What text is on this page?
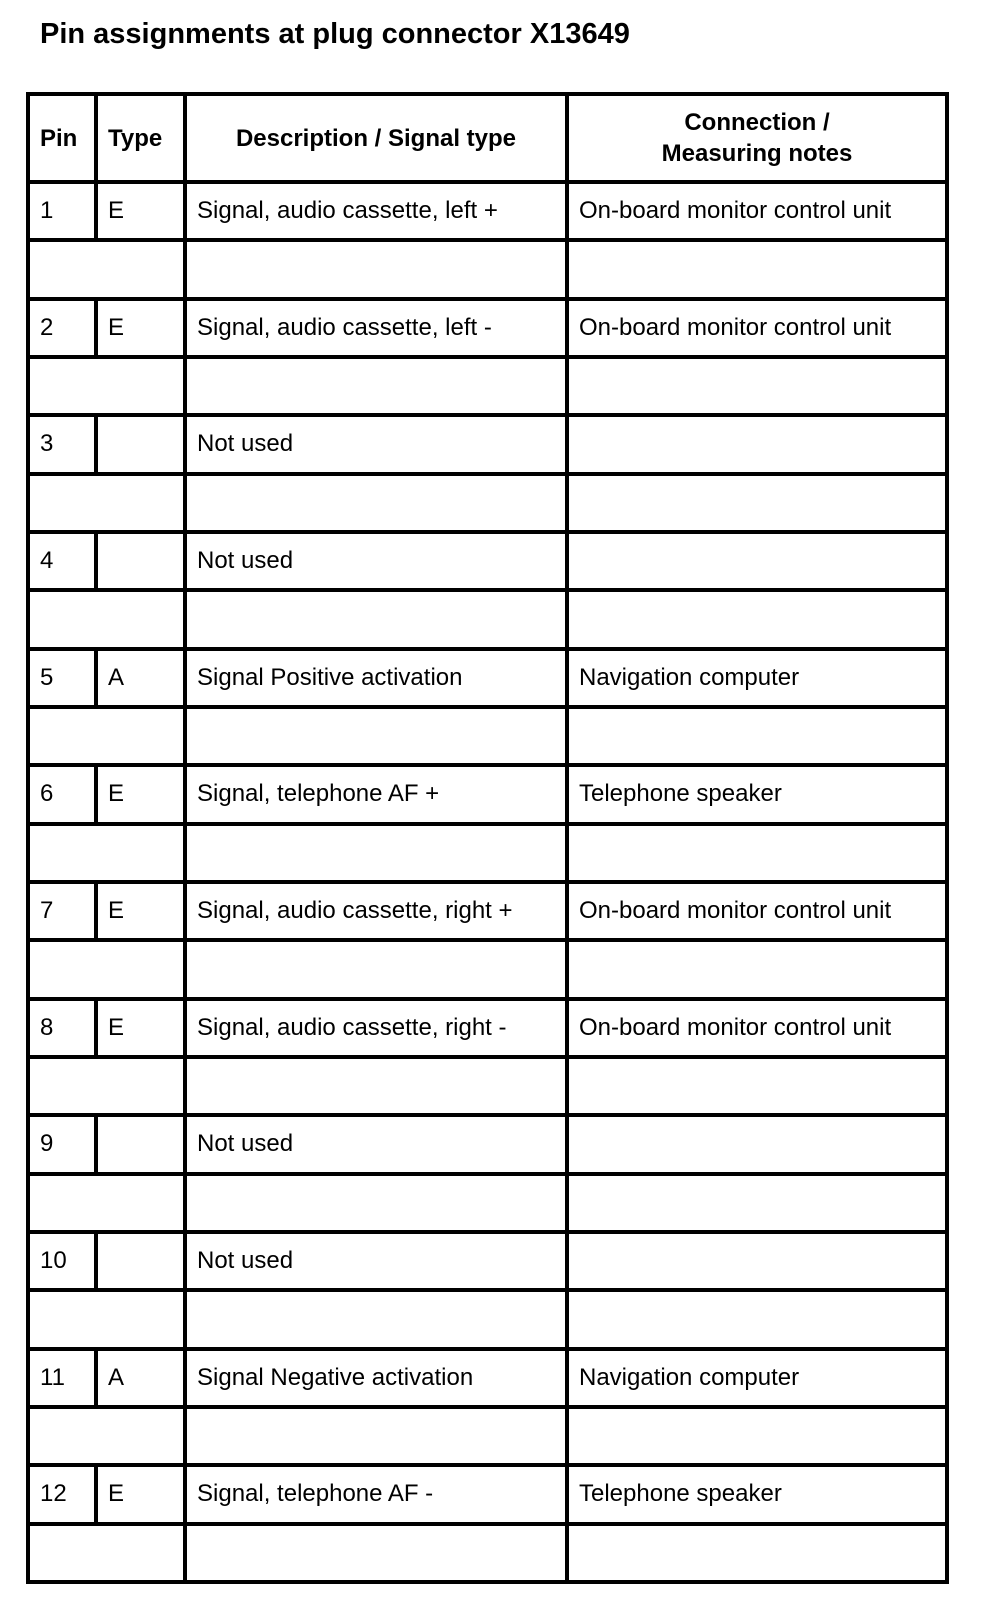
Pin assignments at plug connector X13649
Pin	Type	Description / Signal type	Connection /
Measuring notes
1	E	Signal, audio cassette, left +	On-board monitor control unit

2	E	Signal, audio cassette, left -	On-board monitor control unit

3		Not used	

4		Not used	

5	A	Signal Positive activation	Navigation computer

6	E	Signal, telephone AF +	Telephone speaker

7	E	Signal, audio cassette, right +	On-board monitor control unit

8	E	Signal, audio cassette, right -	On-board monitor control unit

9		Not used	

10		Not used	

11	A	Signal Negative activation	Navigation computer

12	E	Signal, telephone AF -	Telephone speaker
